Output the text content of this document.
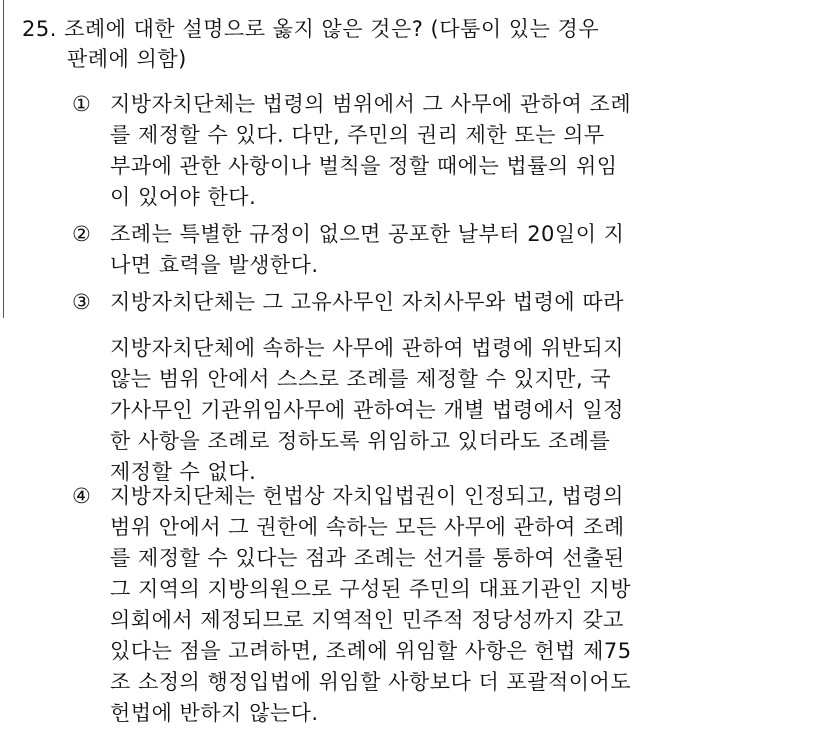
25. 조례에 대한 설명으로 옳지 않은 것은? (다툼이 있는 경우
판례에 의함)
① 지방자치단체는 법령의 범위에서 그 사무에 관하여 조례
를 제정할 수 있다. 다만, 주민의 권리 제한 또는 의무
부과에 관한 사항이나 벌칙을 정할 때에는 법률의 위임
이 있어야 한다.
② 조례는 특별한 규정이 없으면 공포한 날부터 20일이 지
나면 효력을 발생한다.
③ 지방자치단체는 그 고유사무인 자치사무와 법령에 따라
지방자치단체에 속하는 사무에 관하여 법령에 위반되지
않는 범위 안에서 스스로 조례를 제정할 수 있지만, 국
가사무인 기관위임사무에 관하여는 개별 법령에서 일정
한 사항을 조례로 정하도록 위임하고 있더라도 조례를
제정할 수 없다.
④ 지방자치단체는 헌법상 자치입법권이 인정되고, 법령의
범위 안에서 그 권한에 속하는 모든 사무에 관하여 조례
를 제정할 수 있다는 점과 조례는 선거를 통하여 선출된
그 지역의 지방의원으로 구성된 주민의 대표기관인 지방
의회에서 제정되므로 지역적인 민주적 정당성까지 갖고
있다는 점을 고려하면, 조례에 위임할 사항은 헌법 제75
조 소정의 행정입법에 위임할 사항보다 더 포괄적이어도
헌법에 반하지 않는다.
